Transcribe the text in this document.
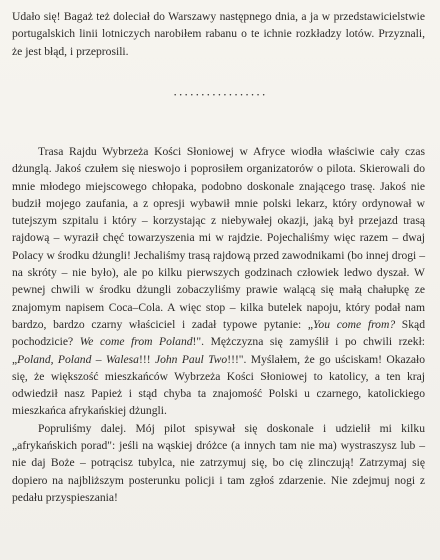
Udało się! Bagaż też doleciał do Warszawy następnego dnia, a ja w przedstawicielstwie portugalskich linii lotniczych narobiłem rabanu o te ichnie rozkładzy lotów. Przyznali, że jest błąd, i przeprosili.

·················

Trasa Rajdu Wybrzeża Kości Słoniowej w Afryce wiodła właściwie cały czas dżunglą. Jakoś czułem się nieswojo i poprosiłem organizatorów o pilota. Skierowali do mnie młodego miejscowego chłopaka, podobno doskonale znającego trasę. Jakoś nie budził mojego zaufania, a z opresji wybawił mnie polski lekarz, który ordynował w tutejszym szpitalu i który – korzystając z niebywałej okazji, jaką był przejazd trasą rajdową – wyraził chęć towarzyszenia mi w rajdzie. Pojechaliśmy więc razem – dwaj Polacy w środku dżungli! Jechaliśmy trasą rajdową przed zawodnikami (bo innej drogi – na skróty – nie było), ale po kilku pierwszych godzinach człowiek ledwo dyszał. W pewnej chwili w środku dżungli zobaczyliśmy prawie walącą się małą chałupkę ze znajomym napisem Coca–Cola. A więc stop – kilka butelek napoju, który podał nam bardzo, bardzo czarny właściciel i zadał typowe pytanie: „You come from? Skąd pochodzicie? We come from Poland!". Mężczyzna się zamyślił i po chwili rzekł: „Poland, Poland – Walesa!!! John Paul Two!!!". Myślałem, że go uściskam! Okazało się, że większość mieszkańców Wybrzeża Kości Słoniowej to katolicy, a ten kraj odwiedził nasz Papież i stąd chyba ta znajomość Polski u czarnego, katolickiego mieszkańca afrykańskiej dżungli.

Popruliśmy dalej. Mój pilot spisywał się doskonale i udzielił mi kilku „afrykańskich porad": jeśli na wąskiej dróżce (a innych tam nie ma) wystraszysz lub – nie daj Boże – potrącisz tubylca, nie zatrzymuj się, bo cię zlinczują! Zatrzymaj się dopiero na najbliższym posterunku policji i tam zgłoś zdarzenie. Nie zdejmuj nogi z pedału przyspieszania!
